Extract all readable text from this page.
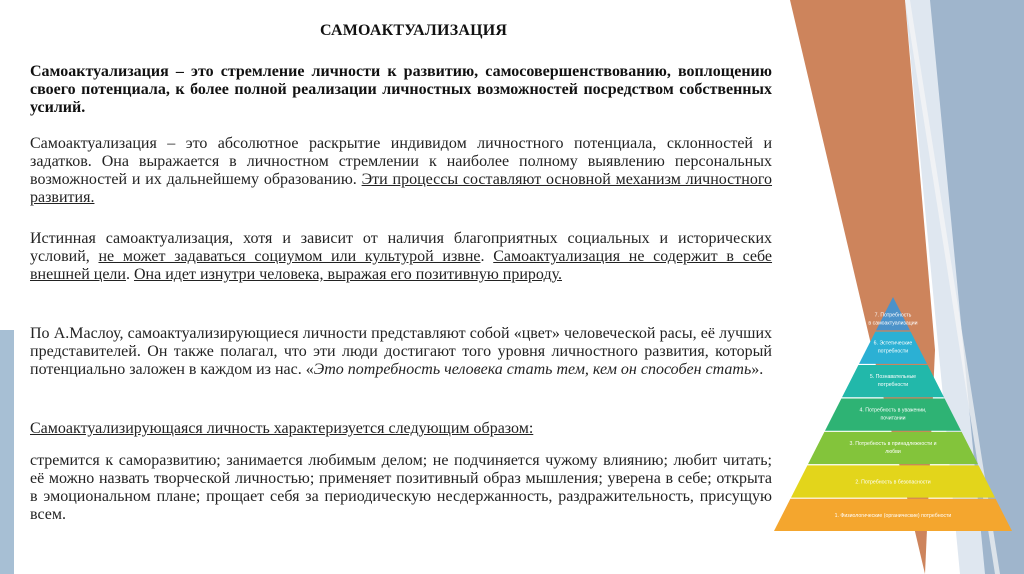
САМОАКТУАЛИЗАЦИЯ

Самоактуализация – это стремление личности к развитию, самосовершенствованию, воплощению своего потенциала, к более полной реализации личностных возможностей посредством собственных усилий.

Самоактуализация – это абсолютное раскрытие индивидом личностного потенциала, склонностей и задатков. Она выражается в личностном стремлении к наиболее полному выявлению персональных возможностей и их дальнейшему образованию. Эти процессы составляют основной механизм личностного развития.

Истинная самоактуализация, хотя и зависит от наличия благоприятных социальных и исторических условий, не может задаваться социумом или культурой извне. Самоактуализация не содержит в себе внешней цели. Она идет изнутри человека, выражая его позитивную природу.

По А.Маслоу, самоактуализирующиеся личности представляют собой «цвет» человеческой расы, её лучших представителей. Он также полагал, что эти люди достигают того уровня личностного развития, который потенциально заложен в каждом из нас. «Это потребность человека стать тем, кем он способен стать».

Самоактуализирующаяся личность характеризуется следующим образом:

стремится к саморазвитию; занимается любимым делом; не подчиняется чужому влиянию; любит читать; её можно назвать творческой личностью; применяет позитивный образ мышления; уверена в себе; открыта в эмоциональном плане; прощает себя за периодическую несдержанность, раздражительность, присущую всем.

7. Потребность
в самоактуализации
6. Эстетические
потребности
5. Познавательные
потребности
4. Потребность в уважении,
почитании
3. Потребность в принадлежности и
любви
2. Потребность в безопасности
1. Физиологические (органические) потребности
